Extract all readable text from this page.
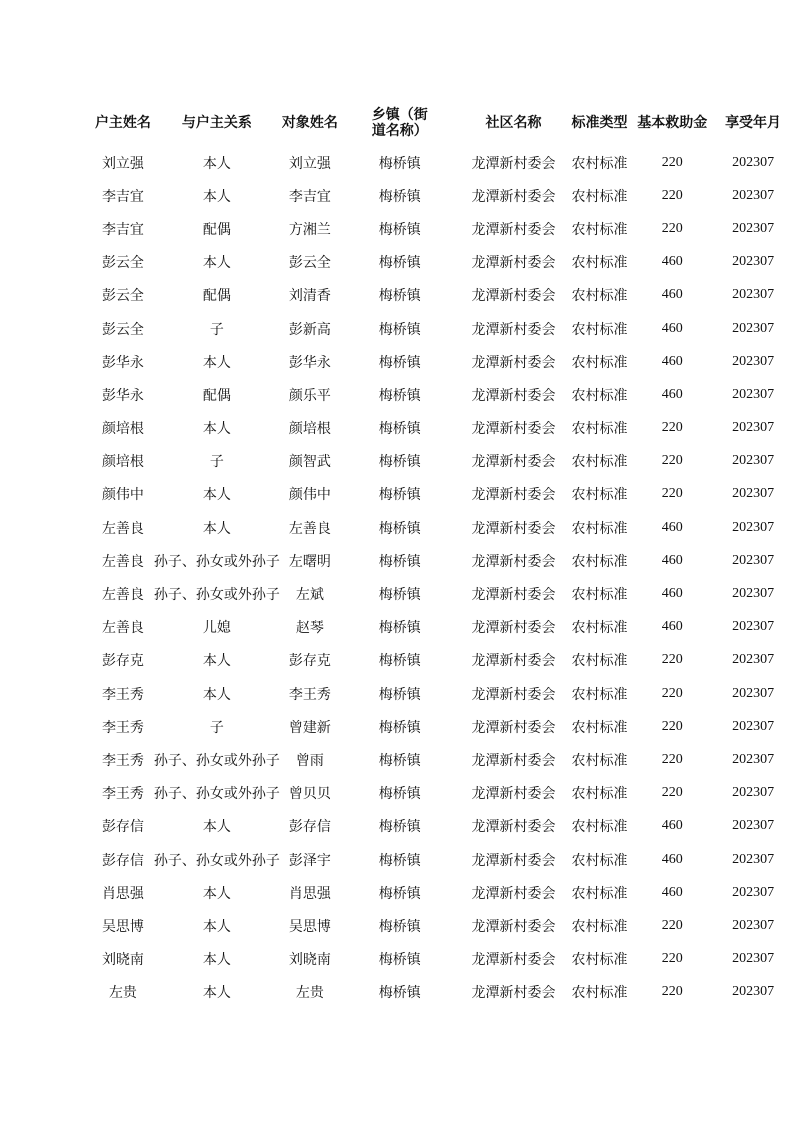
户主姓名	与户主关系	对象姓名	乡镇（街道名称）	社区名称	标准类型	基本救助金	享受年月
刘立强	本人	刘立强	梅桥镇	龙潭新村委会	农村标准	220	202307
李吉宜	本人	李吉宜	梅桥镇	龙潭新村委会	农村标准	220	202307
李吉宜	配偶	方湘兰	梅桥镇	龙潭新村委会	农村标准	220	202307
彭云全	本人	彭云全	梅桥镇	龙潭新村委会	农村标准	460	202307
彭云全	配偶	刘清香	梅桥镇	龙潭新村委会	农村标准	460	202307
彭云全	子	彭新高	梅桥镇	龙潭新村委会	农村标准	460	202307
彭华永	本人	彭华永	梅桥镇	龙潭新村委会	农村标准	460	202307
彭华永	配偶	颜乐平	梅桥镇	龙潭新村委会	农村标准	460	202307
颜培根	本人	颜培根	梅桥镇	龙潭新村委会	农村标准	220	202307
颜培根	子	颜智武	梅桥镇	龙潭新村委会	农村标准	220	202307
颜伟中	本人	颜伟中	梅桥镇	龙潭新村委会	农村标准	220	202307
左善良	本人	左善良	梅桥镇	龙潭新村委会	农村标准	460	202307
左善良	孙子、孙女或外孙子	左曙明	梅桥镇	龙潭新村委会	农村标准	460	202307
左善良	孙子、孙女或外孙子	左斌	梅桥镇	龙潭新村委会	农村标准	460	202307
左善良	儿媳	赵琴	梅桥镇	龙潭新村委会	农村标准	460	202307
彭存克	本人	彭存克	梅桥镇	龙潭新村委会	农村标准	220	202307
李王秀	本人	李王秀	梅桥镇	龙潭新村委会	农村标准	220	202307
李王秀	子	曾建新	梅桥镇	龙潭新村委会	农村标准	220	202307
李王秀	孙子、孙女或外孙子	曾雨	梅桥镇	龙潭新村委会	农村标准	220	202307
李王秀	孙子、孙女或外孙子	曾贝贝	梅桥镇	龙潭新村委会	农村标准	220	202307
彭存信	本人	彭存信	梅桥镇	龙潭新村委会	农村标准	460	202307
彭存信	孙子、孙女或外孙子	彭泽宇	梅桥镇	龙潭新村委会	农村标准	460	202307
肖思强	本人	肖思强	梅桥镇	龙潭新村委会	农村标准	460	202307
吴思博	本人	吴思博	梅桥镇	龙潭新村委会	农村标准	220	202307
刘晓南	本人	刘晓南	梅桥镇	龙潭新村委会	农村标准	220	202307
左贵	本人	左贵	梅桥镇	龙潭新村委会	农村标准	220	202307
